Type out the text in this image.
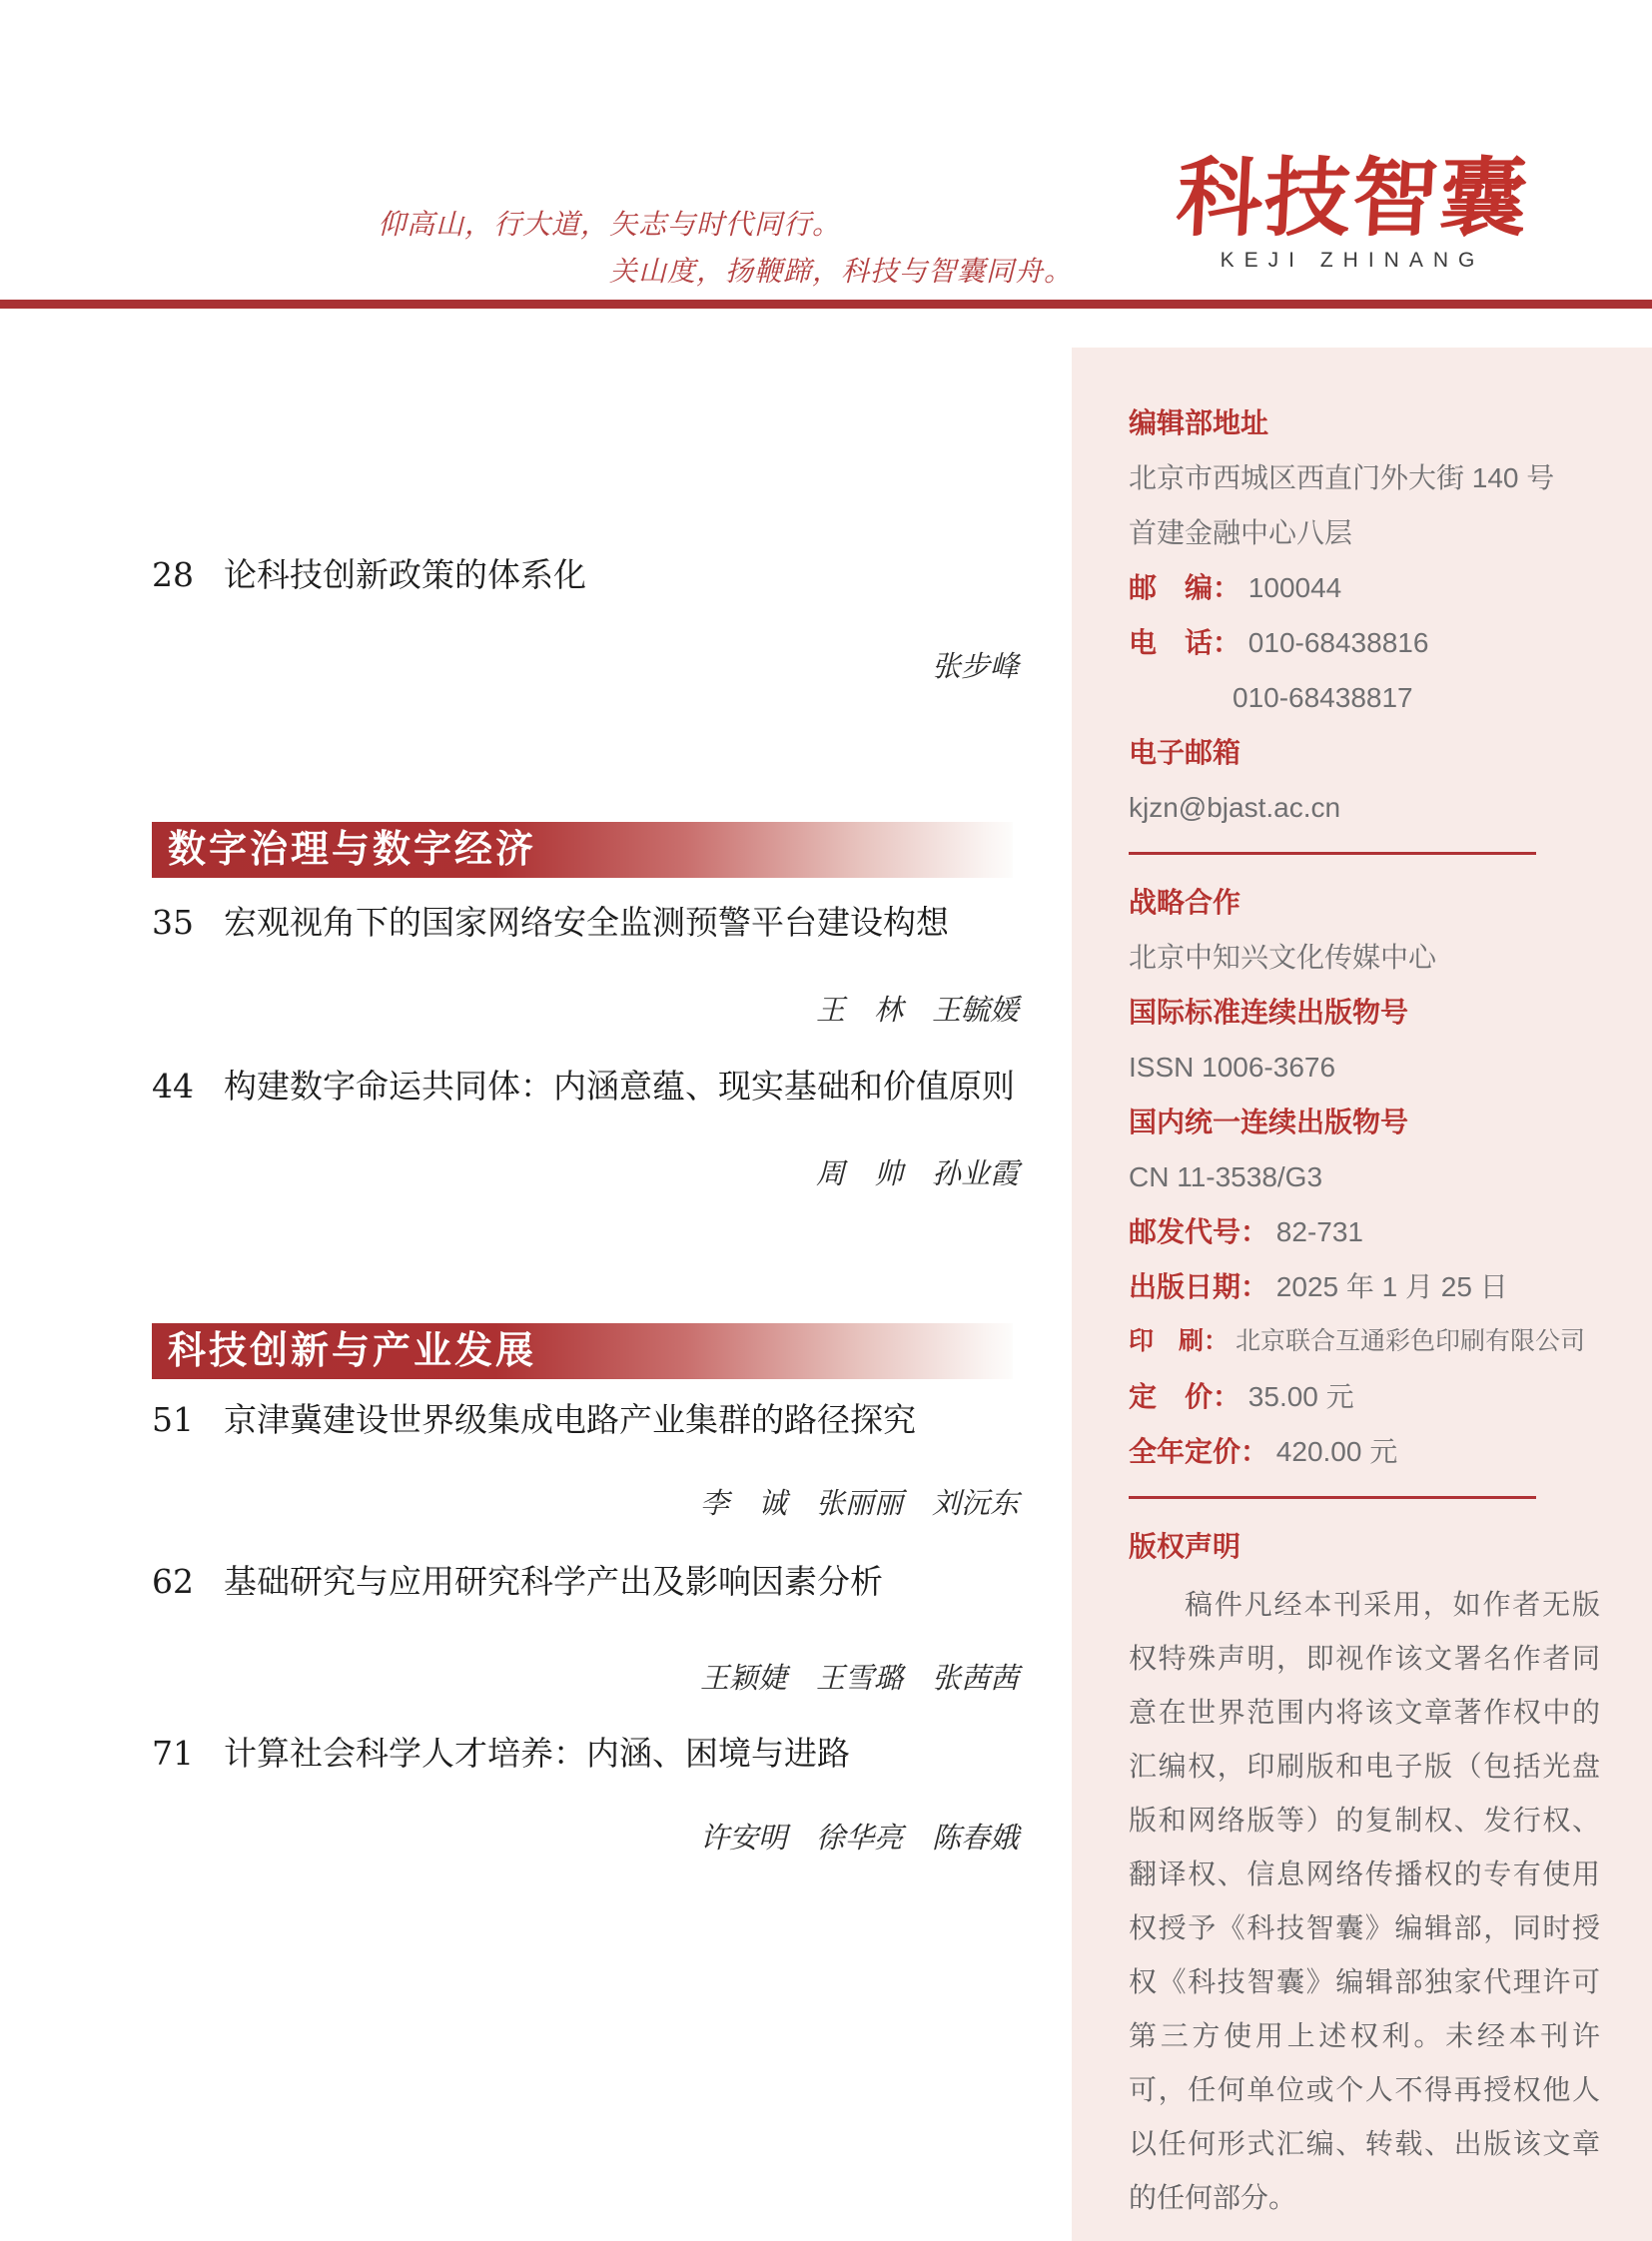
仰高山，行大道，矢志与时代同行。
关山度，扬鞭蹄，科技与智囊同舟。
科技智囊
KEJI ZHINANG
28 论科技创新政策的体系化
张步峰
数字治理与数字经济
35 宏观视角下的国家网络安全监测预警平台建设构想
王　林　王毓媛
44 构建数字命运共同体：内涵意蕴、现实基础和价值原则
周　帅　孙业霞
科技创新与产业发展
51 京津冀建设世界级集成电路产业集群的路径探究
李　诚　张丽丽　刘沅东
62 基础研究与应用研究科学产出及影响因素分析
王颖婕　王雪璐　张茜茜
71 计算社会科学人才培养：内涵、困境与进路
许安明　徐华亮　陈春娥
编辑部地址
北京市西城区西直门外大街 140 号
首建金融中心八层
邮　编： 100044
电　话： 010-68438816
010-68438817
电子邮箱
kjzn@bjast.ac.cn
战略合作
北京中知兴文化传媒中心
国际标准连续出版物号
ISSN 1006-3676
国内统一连续出版物号
CN 11-3538/G3
邮发代号： 82-731
出版日期： 2025 年 1 月 25 日
印　刷： 北京联合互通彩色印刷有限公司
定　价： 35.00 元
全年定价： 420.00 元
版权声明

稿件凡经本刊采用，如作者无版权特殊声明，即视作该文署名作者同意在世界范围内将该文章著作权中的汇编权，印刷版和电子版（包括光盘版和网络版等）的复制权、发行权、翻译权、信息网络传播权的专有使用权授予《科技智囊》编辑部，同时授权《科技智囊》编辑部独家代理许可第三方使用上述权利。未经本刊许可，任何单位或个人不得再授权他人以任何形式汇编、转载、出版该文章的任何部分。
